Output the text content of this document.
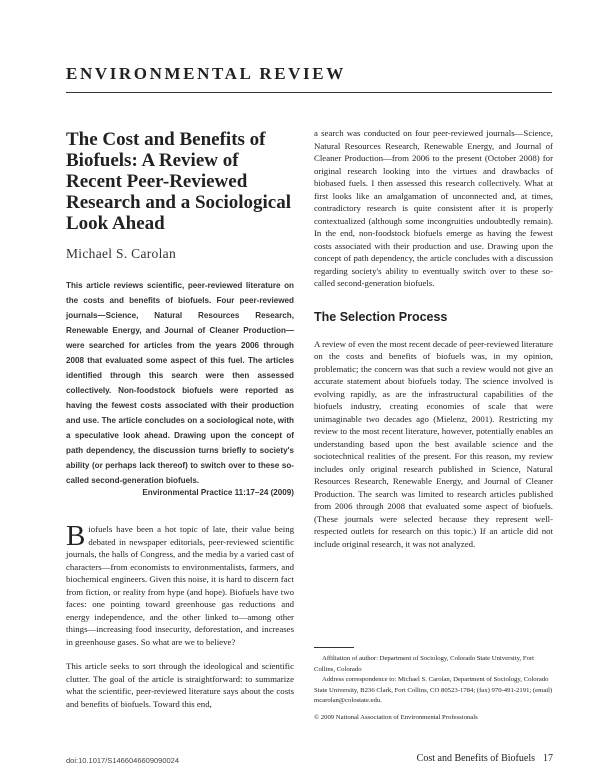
ENVIRONMENTAL REVIEW
The Cost and Benefits of Biofuels: A Review of Recent Peer-Reviewed Research and a Sociological Look Ahead

Michael S. Carolan

This article reviews scientific, peer-reviewed literature on the costs and benefits of biofuels. Four peer-reviewed journals—Science, Natural Resources Research, Renewable Energy, and Journal of Cleaner Production—were searched for articles from the years 2006 through 2008 that evaluated some aspect of this fuel. The articles identified through this search were then assessed collectively. Non-foodstock biofuels were reported as having the fewest costs associated with their production and use. The article concludes on a sociological note, with a speculative look ahead. Drawing upon the concept of path dependency, the discussion turns briefly to society's ability (or perhaps lack thereof) to switch over to these so-called second-generation biofuels.

Environmental Practice 11:17–24 (2009)

Biofuels have been a hot topic of late, their value being debated in newspaper editorials, peer-reviewed scientific journals, the halls of Congress, and the media by a varied cast of characters—from economists to environmentalists, farmers, and biochemical engineers. Given this noise, it is hard to discern fact from fiction, or reality from hype (and hope). Biofuels have two faces: one pointing toward greenhouse gas reductions and energy independence, and the other linked to—among other things—increasing food insecurity, deforestation, and increases in greenhouse gases. So what are we to believe?

This article seeks to sort through the ideological and scientific clutter. The goal of the article is straightforward: to summarize what the scientific, peer-reviewed literature says about the costs and benefits of biofuels. Toward this end,

a search was conducted on four peer-reviewed journals—Science, Natural Resources Research, Renewable Energy, and Journal of Cleaner Production—from 2006 to the present (October 2008) for original research looking into the virtues and drawbacks of biobased fuels. I then assessed this research collectively. What at first looks like an amalgamation of unconnected and, at times, contradictory research is quite consistent after it is properly contextualized (although some incongruities undoubtedly remain). In the end, non-foodstock biofuels emerge as having the fewest costs associated with their production and use. Drawing upon the concept of path dependency, the article concludes with a discussion regarding society's ability to eventually switch over to these so-called second-generation biofuels.

The Selection Process

A review of even the most recent decade of peer-reviewed literature on the costs and benefits of biofuels was, in my opinion, problematic; the concern was that such a review would not give an accurate statement about biofuels today. The science involved is evolving rapidly, as are the infrastructural capabilities of the biofuels industry, creating economies of scale that were unimaginable two decades ago (Mielenz, 2001). Restricting my review to the most recent literature, however, potentially enables an understanding based upon the best available science and the sociotechnical realities of the present. For this reason, my review includes only original research published in Science, Natural Resources Research, Renewable Energy, and Journal of Cleaner Production. The search was limited to research articles published from 2006 through 2008 that evaluated some aspect of biofuels. (These journals were selected because they represent well-respected outlets for research on this topic.) If an article did not include original research, it was not analyzed.

Affiliation of author: Department of Sociology, Colorado State University, Fort Collins, Colorado

Address correspondence to: Michael S. Carolan, Department of Sociology, Colorado State University, B236 Clark, Fort Collins, CO 80523-1784; (fax) 970-491-2191; (email) mcarolan@colostate.edu.

© 2009 National Association of Environmental Professionals

doi:10.1017/S1466046609090024	Cost and Benefits of Biofuels 17
